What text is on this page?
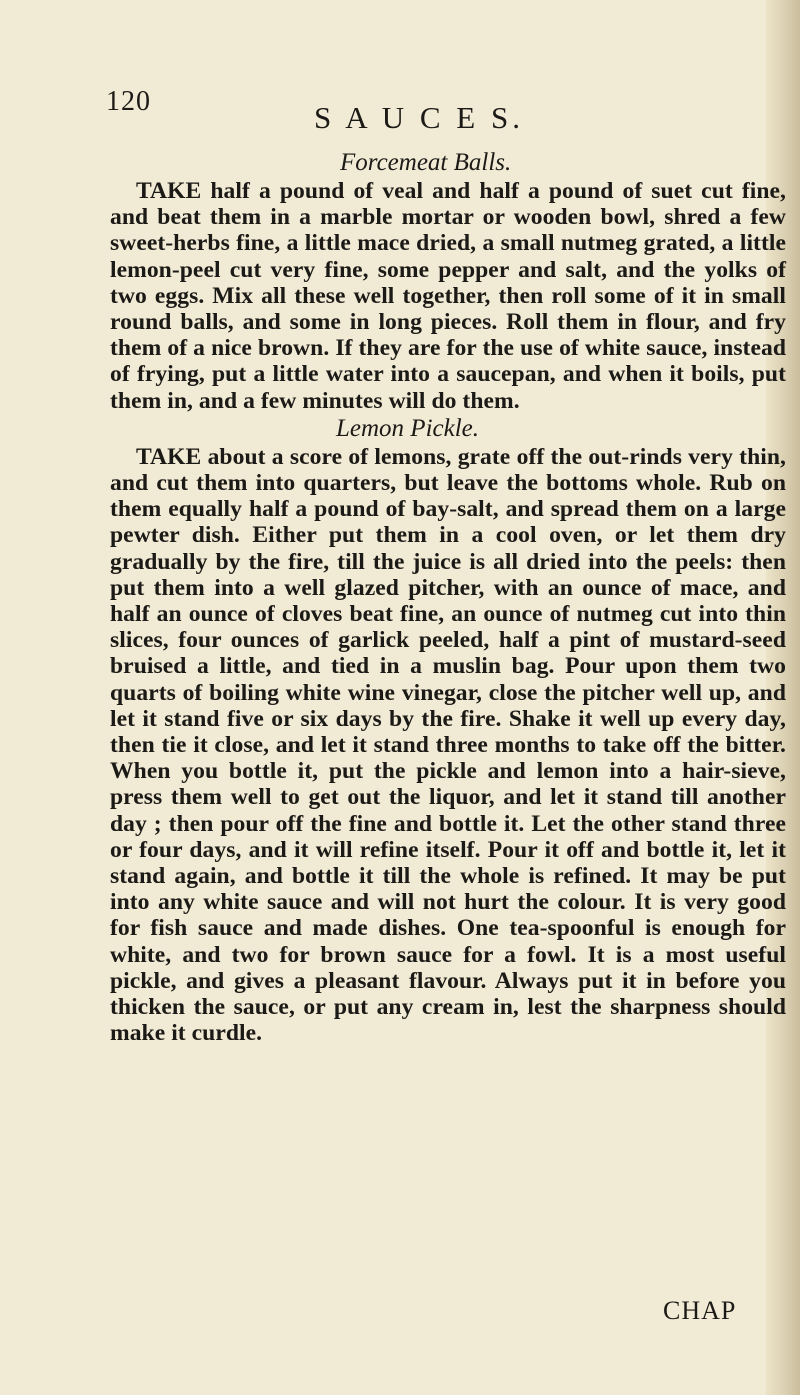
120	S A U C E S.

Forcemeat Balls.

TAKE half a pound of veal and half a pound of suet cut fine, and beat them in a marble mortar or wooden bowl, shred a few sweet-herbs fine, a little mace dried, a small nutmeg grated, a little lemon-peel cut very fine, some pepper and salt, and the yolks of two eggs. Mix all these well together, then roll some of it in small round balls, and some in long pieces. Roll them in flour, and fry them of a nice brown. If they are for the use of white sauce, instead of frying, put a little water into a saucepan, and when it boils, put them in, and a few minutes will do them.

Lemon Pickle.

TAKE about a score of lemons, grate off the out-rinds very thin, and cut them into quarters, but leave the bottoms whole. Rub on them equally half a pound of bay-salt, and spread them on a large pewter dish. Either put them in a cool oven, or let them dry gradually by the fire, till the juice is all dried into the peels: then put them into a well glazed pitcher, with an ounce of mace, and half an ounce of cloves beat fine, an ounce of nutmeg cut into thin slices, four ounces of garlick peeled, half a pint of mustard-seed bruised a little, and tied in a muslin bag. Pour upon them two quarts of boiling white wine vinegar, close the pitcher well up, and let it stand five or six days by the fire. Shake it well up every day, then tie it close, and let it stand three months to take off the bitter. When you bottle it, put the pickle and lemon into a hair-sieve, press them well to get out the liquor, and let it stand till another day ; then pour off the fine and bottle it. Let the other stand three or four days, and it will refine itself. Pour it off and bottle it, let it stand again, and bottle it till the whole is refined. It may be put into any white sauce and will not hurt the colour. It is very good for fish sauce and made dishes. One tea-spoonful is enough for white, and two for brown sauce for a fowl. It is a most useful pickle, and gives a pleasant flavour. Always put it in before you thicken the sauce, or put any cream in, lest the sharpness should make it curdle.

CHAP
